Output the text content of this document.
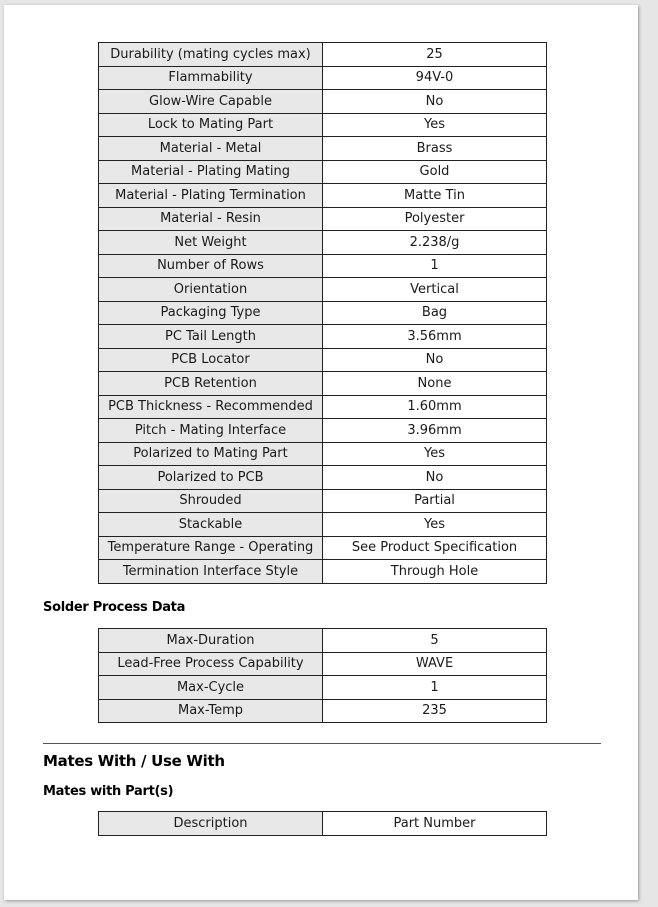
Durability (mating cycles max)	25
Flammability	94V-0
Glow-Wire Capable	No
Lock to Mating Part	Yes
Material - Metal	Brass
Material - Plating Mating	Gold
Material - Plating Termination	Matte Tin
Material - Resin	Polyester
Net Weight	2.238/g
Number of Rows	1
Orientation	Vertical
Packaging Type	Bag
PC Tail Length	3.56mm
PCB Locator	No
PCB Retention	None
PCB Thickness - Recommended	1.60mm
Pitch - Mating Interface	3.96mm
Polarized to Mating Part	Yes
Polarized to PCB	No
Shrouded	Partial
Stackable	Yes
Temperature Range - Operating	See Product Specification
Termination Interface Style	Through Hole
Solder Process Data
Max-Duration	5
Lead-Free Process Capability	WAVE
Max-Cycle	1
Max-Temp	235
Mates With / Use With
Mates with Part(s)
Description	Part Number
